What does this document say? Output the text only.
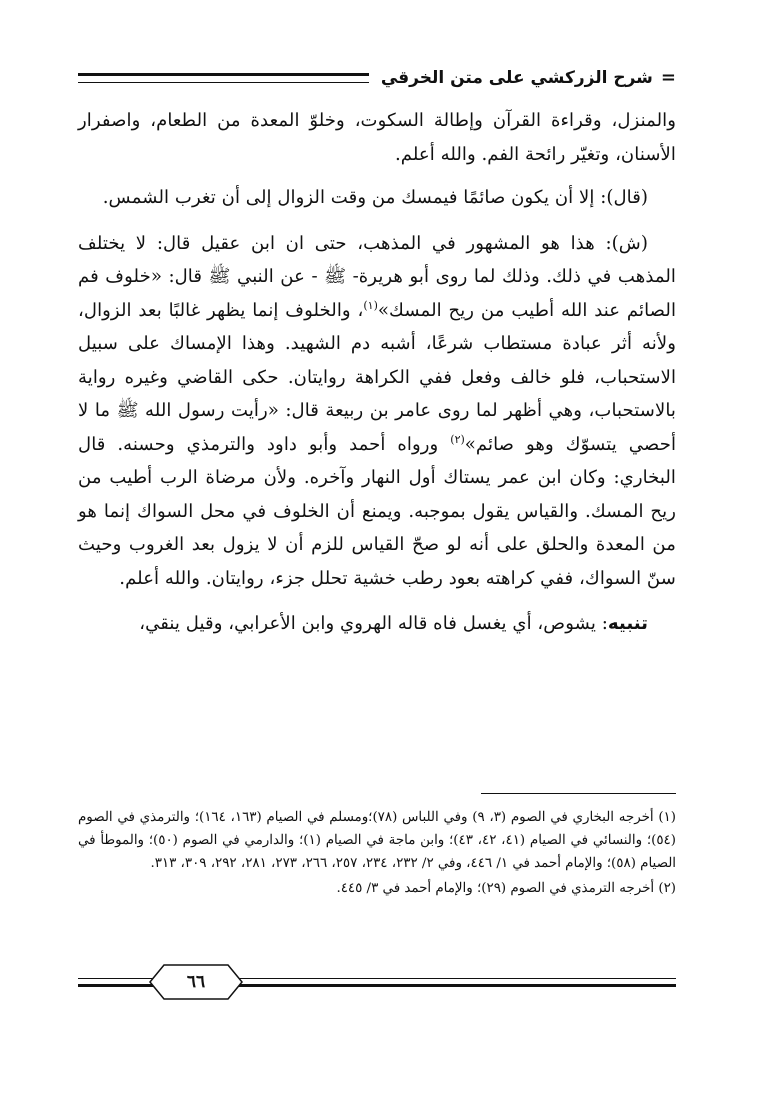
=
شرح الزركشي على متن الخرقي

والمنزل، وقراءة القرآن وإطالة السكوت، وخلوّ المعدة من الطعام، واصفرار الأسنان، وتغيّر رائحة الفم. والله أعلم.

(قال): إلا أن يكون صائمًا فيمسك من وقت الزوال إلى أن تغرب الشمس.

(ش): هذا هو المشهور في المذهب، حتى ان ابن عقيل قال: لا يختلف المذهب في ذلك. وذلك لما روى أبو هريرة- ﷺ - عن النبي ﷺ قال: «خلوف فم الصائم عند الله أطيب من ريح المسك»$^{(١)}$، والخلوف إنما يظهر غالبًا بعد الزوال، ولأنه أثر عبادة مستطاب شرعًا، أشبه دم الشهيد. وهذا الإمساك على سبيل الاستحباب، فلو خالف وفعل ففي الكراهة روايتان. حكى القاضي وغيره رواية بالاستحباب، وهي أظهر لما روى عامر بن ربيعة قال: «رأيت رسول الله ﷺ ما لا أحصي يتسوّك وهو صائم»$^{(٢)}$ ورواه أحمد وأبو داود والترمذي وحسنه. قال البخاري: وكان ابن عمر يستاك أول النهار وآخره. ولأن مرضاة الرب أطيب من ريح المسك. والقياس يقول بموجبه. ويمنع أن الخلوف في محل السواك إنما هو من المعدة والحلق على أنه لو صحّ القياس للزم أن لا يزول بعد الغروب وحيث سنّ السواك، ففي كراهته بعود رطب خشية تحلل جزء، روايتان. والله أعلم.

تنبيه: يشوص، أي يغسل فاه قاله الهروي وابن الأعرابي، وقيل ينقي،

(١) أخرجه البخاري في الصوم (٣، ٩) وفي اللباس (٧٨)؛ومسلم في الصيام (١٦٣، ١٦٤)؛ والترمذي في الصوم (٥٤)؛ والنسائي في الصيام (٤١، ٤٢، ٤٣)؛ وابن ماجة في الصيام (١)؛ والدارمي في الصوم (٥٠)؛ والموطأ في الصيام (٥٨)؛ والإمام أحمد في ١/ ٤٤٦، وفي ٢/ ٢٣٢، ٢٣٤، ٢٥٧، ٢٦٦، ٢٧٣، ٢٨١، ٢٩٢، ٣٠٩، ٣١٣.

(٢) أخرجه الترمذي في الصوم (٢٩)؛ والإمام أحمد في ٣/ ٤٤٥.

٦٦
